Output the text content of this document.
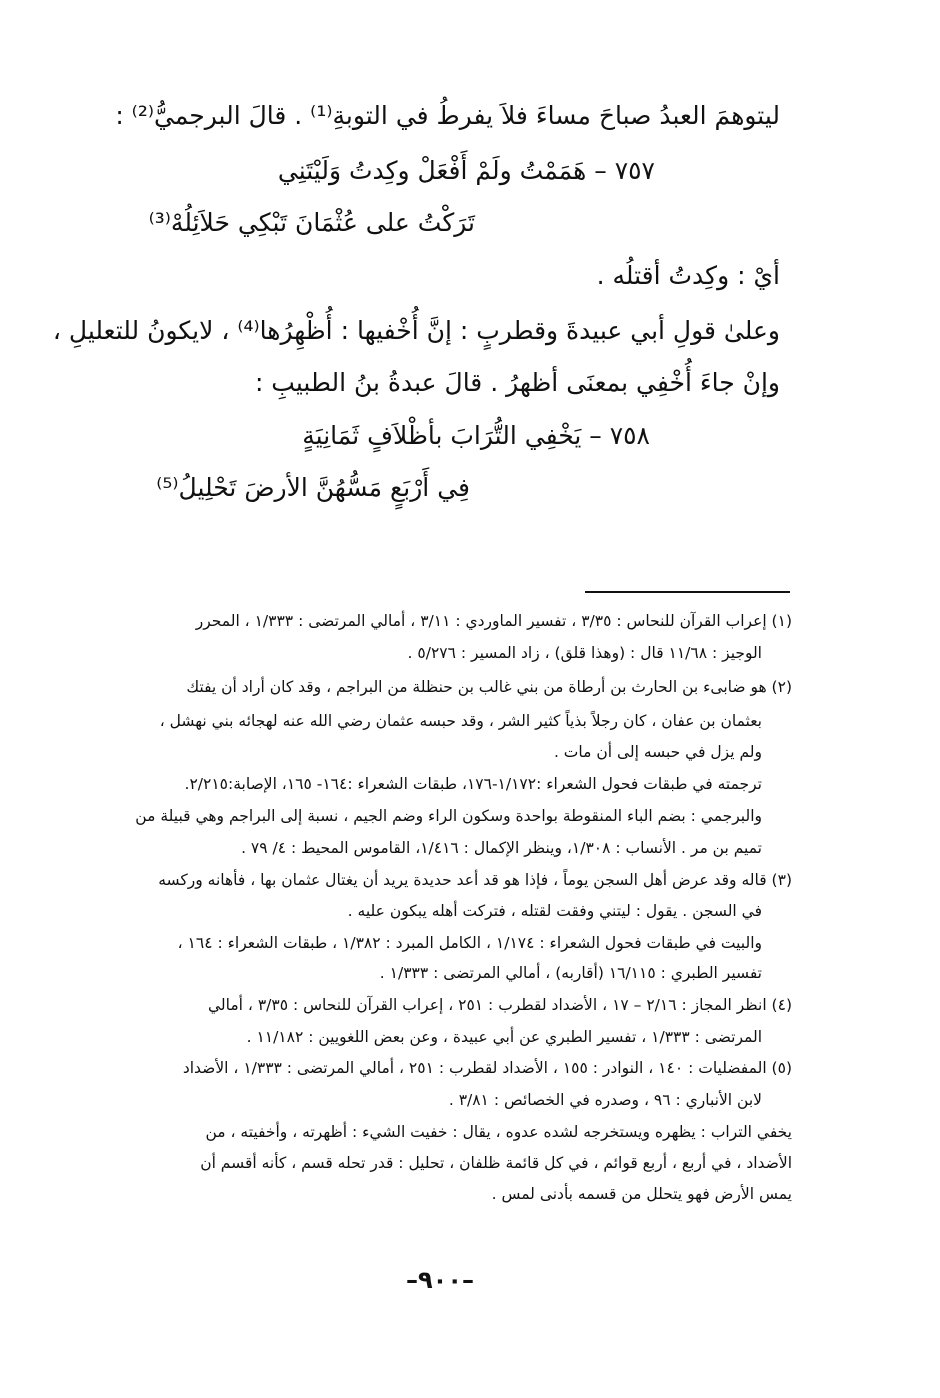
ليتوهمَ العبدُ صباحَ مساءَ فلاَ يفرطُ في التوبةِ⁽¹⁾ . قالَ البرجميُّ⁽²⁾ :
٧٥٧ – هَمَمْتُ ولَمْ أَفْعَلْ وكِدتُ وَلَيْتَنِي
تَرَكْتُ على عُثْمَانَ تَبْكِي حَلاَئِلُهْ⁽³⁾
أيْ : وكِدتُ أقتلُه .
وعلىٰ قولِ أبي عبيدةَ وقطربٍ : إنَّ أُخْفيها : أُظْهِرُها⁽⁴⁾ ، لايكونُ للتعليلِ ،
وإنْ جاءَ أُخْفِي بمعنَى أظهرُ . قالَ عبدةُ بنُ الطبيبِ :
٧٥٨ – يَخْفِي التُّرَابَ بأظْلاَفٍ ثَمَانِيَةٍ
فِي أَرْبَعٍ مَسُّهُنَّ الأرضَ تَحْلِيلُ⁽⁵⁾
(١) إعراب القرآن للنحاس : ٣/٣٥ ، تفسير الماوردي : ٣/١١ ، أمالي المرتضى : ١/٣٣٣ ، المحرر
الوجيز : ١١/٦٨ قال : (وهذا قلق) ، زاد المسير : ٥/٢٧٦ .
(٢) هو ضابىء بن الحارث بن أرطاة من بني غالب بن حنظلة من البراجم ، وقد كان أراد أن يفتك
بعثمان بن عفان ، كان رجلاً بذياً كثير الشر ، وقد حبسه عثمان رضي الله عنه لهجائه بني نهشل ،
ولم يزل في حبسه إلى أن مات .
ترجمته في طبقات فحول الشعراء :١/١٧٢-١٧٦، طبقات الشعراء :١٦٤- ١٦٥، الإصابة:٢/٢١٥.
والبرجمي : بضم الباء المنقوطة بواحدة وسكون الراء وضم الجيم ، نسبة إلى البراجم وهي قبيلة من
تميم بن مر . الأنساب : ١/٣٠٨، وينظر الإكمال : ١/٤١٦، القاموس المحيط : ٤/ ٧٩ .
(٣) قاله وقد عرض أهل السجن يوماً ، فإذا هو قد أعد حديدة يريد أن يغتال عثمان بها ، فأهانه وركسه
في السجن . يقول : ليتني وفقت لقتله ، فتركت أهله يبكون عليه .
والبيت في طبقات فحول الشعراء : ١/١٧٤ ، الكامل المبرد : ١/٣٨٢ ، طبقات الشعراء : ١٦٤ ،
تفسير الطبري : ١٦/١١٥ (أقاربه) ، أمالي المرتضى : ١/٣٣٣ .
(٤) انظر المجاز : ٢/١٦ – ١٧ ، الأضداد لقطرب : ٢٥١ ، إعراب القرآن للنحاس : ٣/٣٥ ، أمالي
المرتضى : ١/٣٣٣ ، تفسير الطبري عن أبي عبيدة ، وعن بعض اللغويين : ١١/١٨٢ .
(٥) المفضليات : ١٤٠ ، النوادر : ١٥٥ ، الأضداد لقطرب : ٢٥١ ، أمالي المرتضى : ١/٣٣٣ ، الأضداد
لابن الأنباري : ٩٦ ، وصدره في الخصائص : ٣/٨١ .
يخفي التراب : يظهره ويستخرجه لشده عدوه ، يقال : خفيت الشيء : أظهرته ، وأخفيته ، من
الأضداد ، في أربع ، أربع قوائم ، في كل قائمة ظلفان ، تحليل : قدر تحله قسم ، كأنه أقسم أن
يمس الأرض فهو يتحلل من قسمه بأدنى لمس .
–٩٠٠–
